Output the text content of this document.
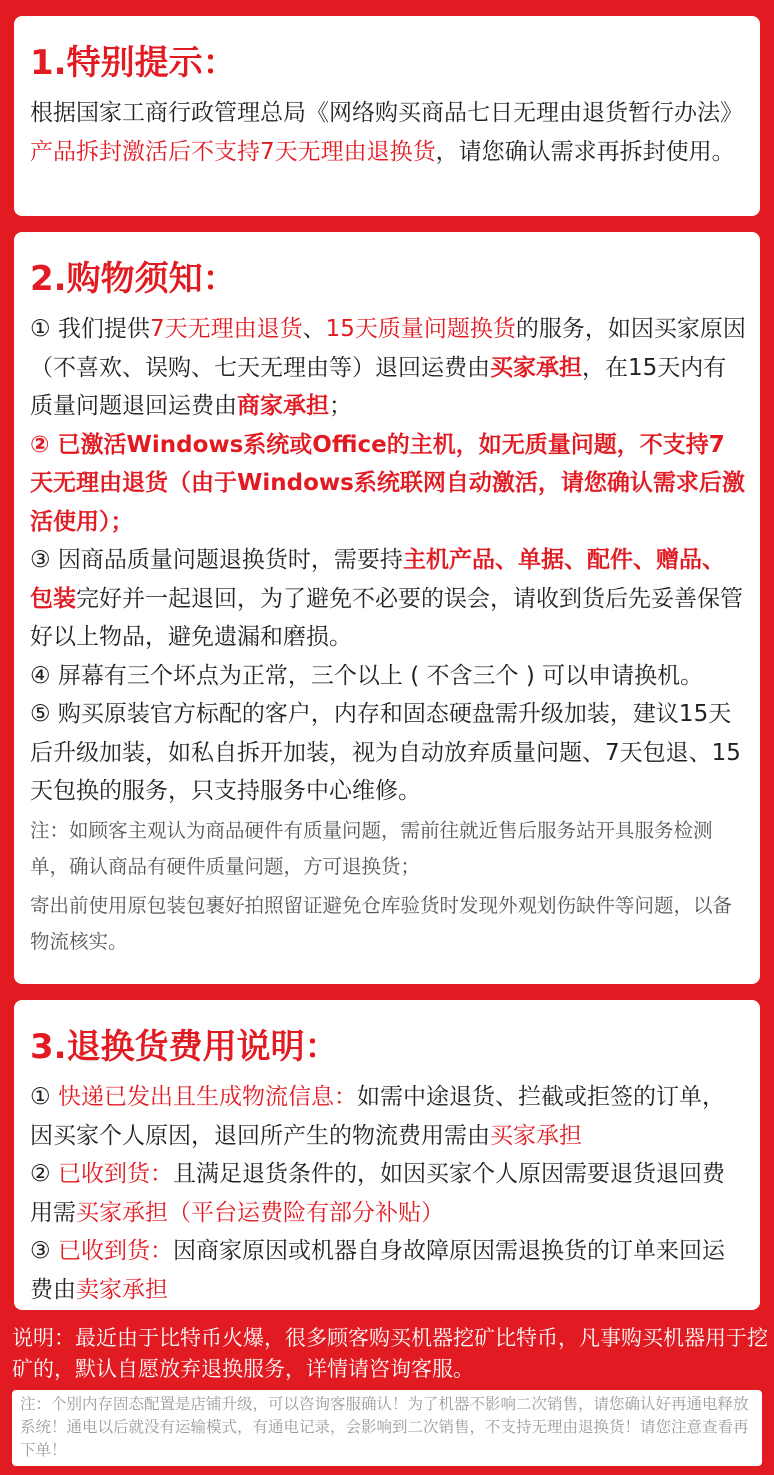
1.特别提示：
根据国家工商行政管理总局《网络购买商品七日无理由退货暂行办法》产品拆封激活后不支持7天无理由退换货，请您确认需求再拆封使用。
2.购物须知：
① 我们提供7天无理由退货、15天质量问题换货的服务，如因买家原因（不喜欢、误购、七天无理由等）退回运费由买家承担，在15天内有质量问题退回运费由商家承担；
② 已激活Windows系统或Office的主机，如无质量问题，不支持7天无理由退货（由于Windows系统联网自动激活，请您确认需求后激活使用）；
③ 因商品质量问题退换货时，需要持主机产品、单据、配件、赠品、包装完好并一起退回，为了避免不必要的误会，请收到货后先妥善保管好以上物品，避免遗漏和磨损。
④ 屏幕有三个坏点为正常，三个以上 ( 不含三个 ) 可以申请换机。
⑤ 购买原装官方标配的客户，内存和固态硬盘需升级加装，建议15天后升级加装，如私自拆开加装，视为自动放弃质量问题、7天包退、15天包换的服务，只支持服务中心维修。
注：如顾客主观认为商品硬件有质量问题，需前往就近售后服务站开具服务检测单，确认商品有硬件质量问题，方可退换货；
寄出前使用原包装包裹好拍照留证避免仓库验货时发现外观划伤缺件等问题，以备物流核实。
3.退换货费用说明：
① 快递已发出且生成物流信息：如需中途退货、拦截或拒签的订单，因买家个人原因，退回所产生的物流费用需由买家承担
② 已收到货：且满足退货条件的，如因买家个人原因需要退货退回费用需买家承担（平台运费险有部分补贴）
③ 已收到货：因商家原因或机器自身故障原因需退换货的订单来回运费由卖家承担
说明：最近由于比特币火爆，很多顾客购买机器挖矿比特币，凡事购买机器用于挖矿的，默认自愿放弃退换服务，详情请咨询客服。
注：个别内存固态配置是店铺升级，可以咨询客服确认！为了机器不影响二次销售，请您确认好再通电释放系统！通电以后就没有运输模式，有通电记录，会影响到二次销售，不支持无理由退换货！请您注意查看再下单！
